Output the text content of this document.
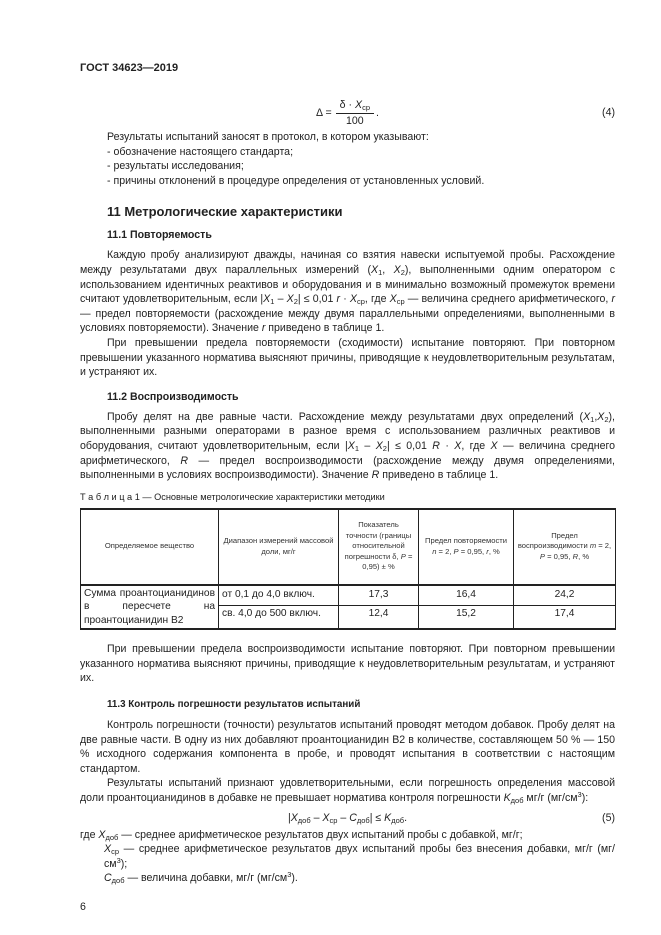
ГОСТ 34623—2019
$\Delta = \frac{\delta \cdot X_{ср}}{100}$ .	(4)
Результаты испытаний заносят в протокол, в котором указывают:
- обозначение настоящего стандарта;
- результаты исследования;
- причины отклонений в процедуре определения от установленных условий.
11 Метрологические характеристики
11.1 Повторяемость
Каждую пробу анализируют дважды, начиная со взятия навески испытуемой пробы. Расхождение между результатами двух параллельных измерений ($X_1$, $X_2$), выполненными одним оператором с использованием идентичных реактивов и оборудования и в минимально возможный промежуток времени считают удовлетворительным, если $|X_1 - X_2| \le 0,01$ $r \cdot X_{ср}$, где $X_{ср}$ — величина среднего арифметического, r — предел повторяемости (расхождение между двумя параллельными определениями, выполненными в условиях повторяемости). Значение r приведено в таблице 1.
При превышении предела повторяемости (сходимости) испытание повторяют. При повторном превышении указанного норматива выясняют причины, приводящие к неудовлетворительным результатам, и устраняют их.
11.2 Воспроизводимость
Пробу делят на две равные части. Расхождение между результатами двух определений $(X_1,X_2)$, выполненными разными операторами в разное время с использованием различных реактивов и оборудования, считают удовлетворительным, если $|X_1 - X_2| \le 0,01$ R · X, где X — величина среднего арифметического, R — предел воспроизводимости (расхождение между двумя определениями, выполненными в условиях воспроизводимости). Значение R приведено в таблице 1.
Т а б л и ц а 1 — Основные метрологические характеристики методики
Определяемое вещество	Диапазон измерений массовой доли, мг/г	Показатель точности (границы относительной погрешности δ, P = 0,95) ± %	Предел повторяемости n = 2, P = 0,95, r, %	Предел воспроизводимости m = 2, P = 0,95, R, %
Сумма проантоцианидинов в пересчете на проантоцианидин B2	от 0,1 до 4,0 включ.	17,3	16,4	24,2
	св. 4,0 до 500 включ.	12,4	15,2	17,4
При превышении предела воспроизводимости испытание повторяют. При повторном превышении указанного норматива выясняют причины, приводящие к неудовлетворительным результатам, и устраняют их.
11.3 Контроль погрешности результатов испытаний
Контроль погрешности (точности) результатов испытаний проводят методом добавок. Пробу делят на две равные части. В одну из них добавляют проантоцианидин B2 в количестве, составляющем 50 % — 150 % исходного содержания компонента в пробе, и проводят испытания в соответствии с настоящим стандартом.
Результаты испытаний признают удовлетворительными, если погрешность определения массовой доли проантоцианидинов в добавке не превышает норматива контроля погрешности $K_{доб}$ мг/г $(мг/см^3)$:
$|X_{доб} - X_{ср} - C_{доб}| \le K_{доб}$.	(5)
где $X_{доб}$ — среднее арифметическое результатов двух испытаний пробы с добавкой, мг/г;
$X_{ср}$ — среднее арифметическое результатов двух испытаний пробы без внесения добавки, мг/г $(мг/см^3)$;
$C_{доб}$ — величина добавки, мг/г $(мг/см^3)$.
6
